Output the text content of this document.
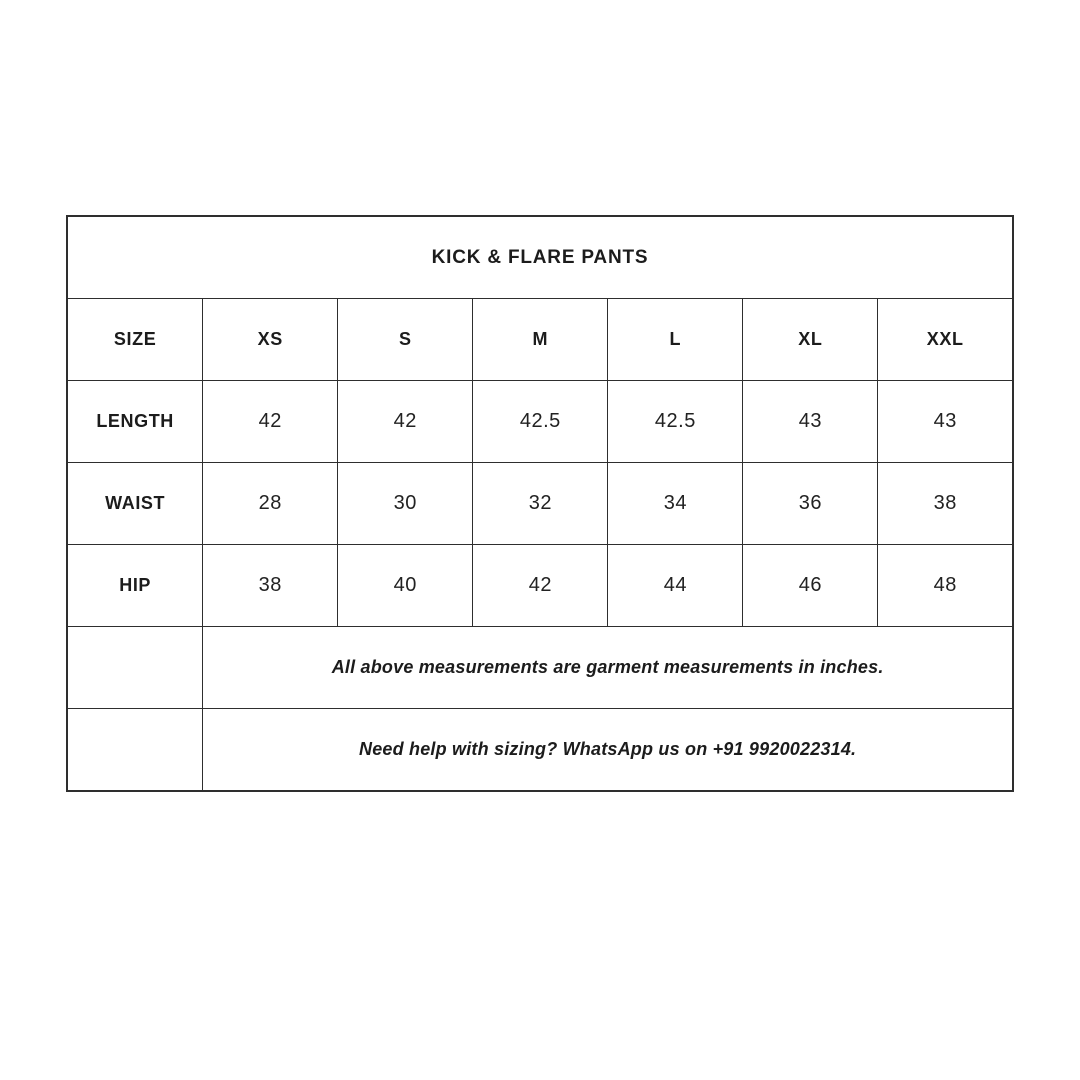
KICK & FLARE PANTS						
SIZE	XS	S	M	L	XL	XXL
LENGTH	42	42	42.5	42.5	43	43
WAIST	28	30	32	34	36	38
HIP	38	40	42	44	46	48
	All above measurements are garment measurements in inches.					
	Need help with sizing? WhatsApp us on +91 9920022314.					
